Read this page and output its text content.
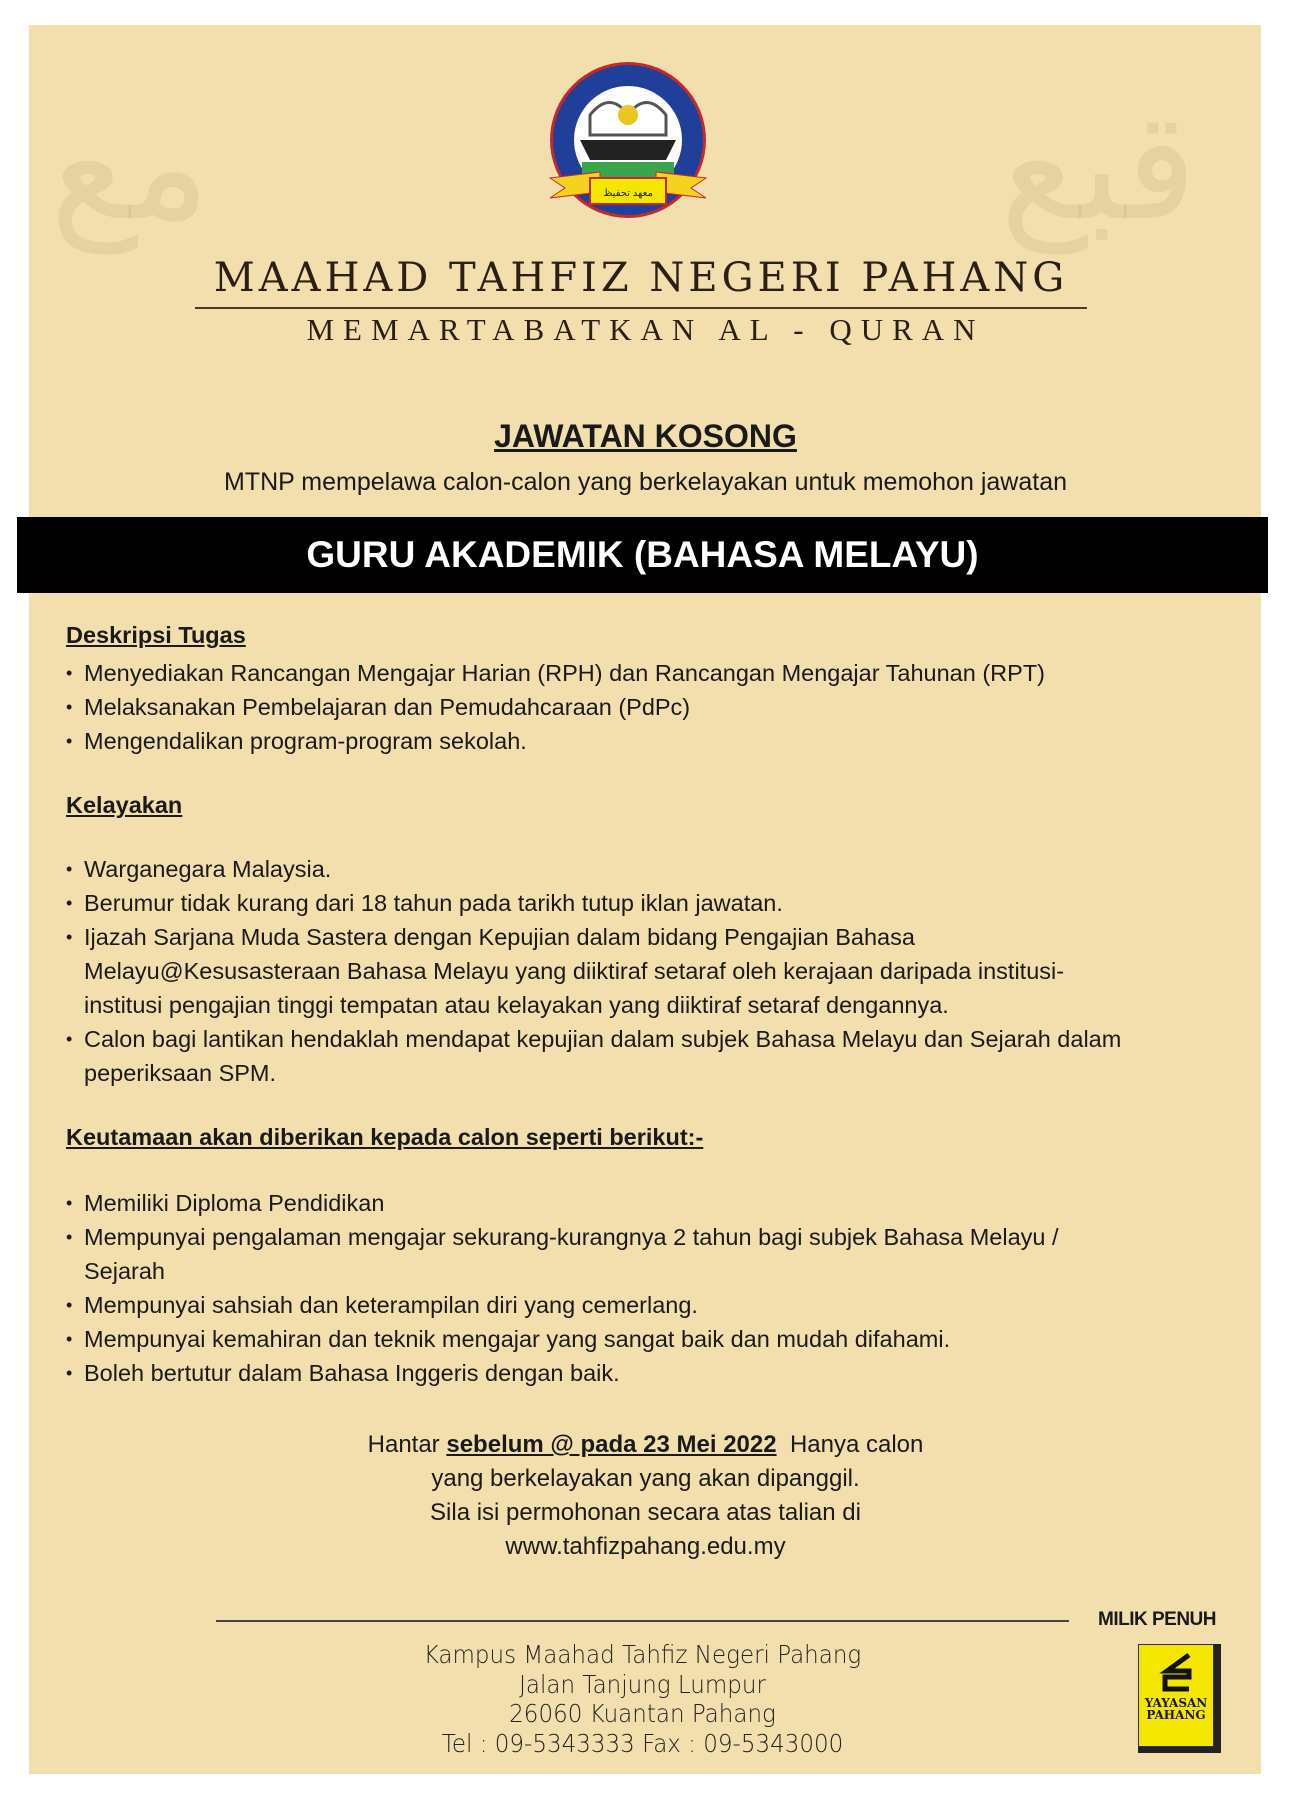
مع	قبع
معهد تحفيظ
MAAHAD TAHFIZ NEGERI PAHANG
MEMARTABATKAN AL - QURAN
JAWATAN KOSONG
MTNP mempelawa calon-calon yang berkelayakan untuk memohon jawatan
GURU AKADEMIK (BAHASA MELAYU)
Deskripsi Tugas
• Menyediakan Rancangan Mengajar Harian (RPH) dan Rancangan Mengajar Tahunan (RPT)
• Melaksanakan Pembelajaran dan Pemudahcaraan (PdPc)
• Mengendalikan program-program sekolah.
Kelayakan
• Warganegara Malaysia.
• Berumur tidak kurang dari 18 tahun pada tarikh tutup iklan jawatan.
• Ijazah Sarjana Muda Sastera dengan Kepujian dalam bidang Pengajian Bahasa Melayu@Kesusasteraan Bahasa Melayu yang diiktiraf setaraf oleh kerajaan daripada institusi-institusi pengajian tinggi tempatan atau kelayakan yang diiktiraf setaraf dengannya.
• Calon bagi lantikan hendaklah mendapat kepujian dalam subjek Bahasa Melayu dan Sejarah dalam peperiksaan SPM.
Keutamaan akan diberikan kepada calon seperti berikut:-
• Memiliki Diploma Pendidikan
• Mempunyai pengalaman mengajar sekurang-kurangnya 2 tahun bagi subjek Bahasa Melayu / Sejarah
• Mempunyai sahsiah dan keterampilan diri yang cemerlang.
• Mempunyai kemahiran dan teknik mengajar yang sangat baik dan mudah difahami.
• Boleh bertutur dalam Bahasa Inggeris dengan baik.
Hantar sebelum @ pada 23 Mei 2022 Hanya calon
yang berkelayakan yang akan dipanggil.
Sila isi permohonan secara atas talian di
www.tahfizpahang.edu.my
MILIK PENUH
Kampus Maahad Tahfiz Negeri Pahang
Jalan Tanjung Lumpur
26060 Kuantan Pahang
Tel : 09-5343333 Fax : 09-5343000
YAYASAN
PAHANG
